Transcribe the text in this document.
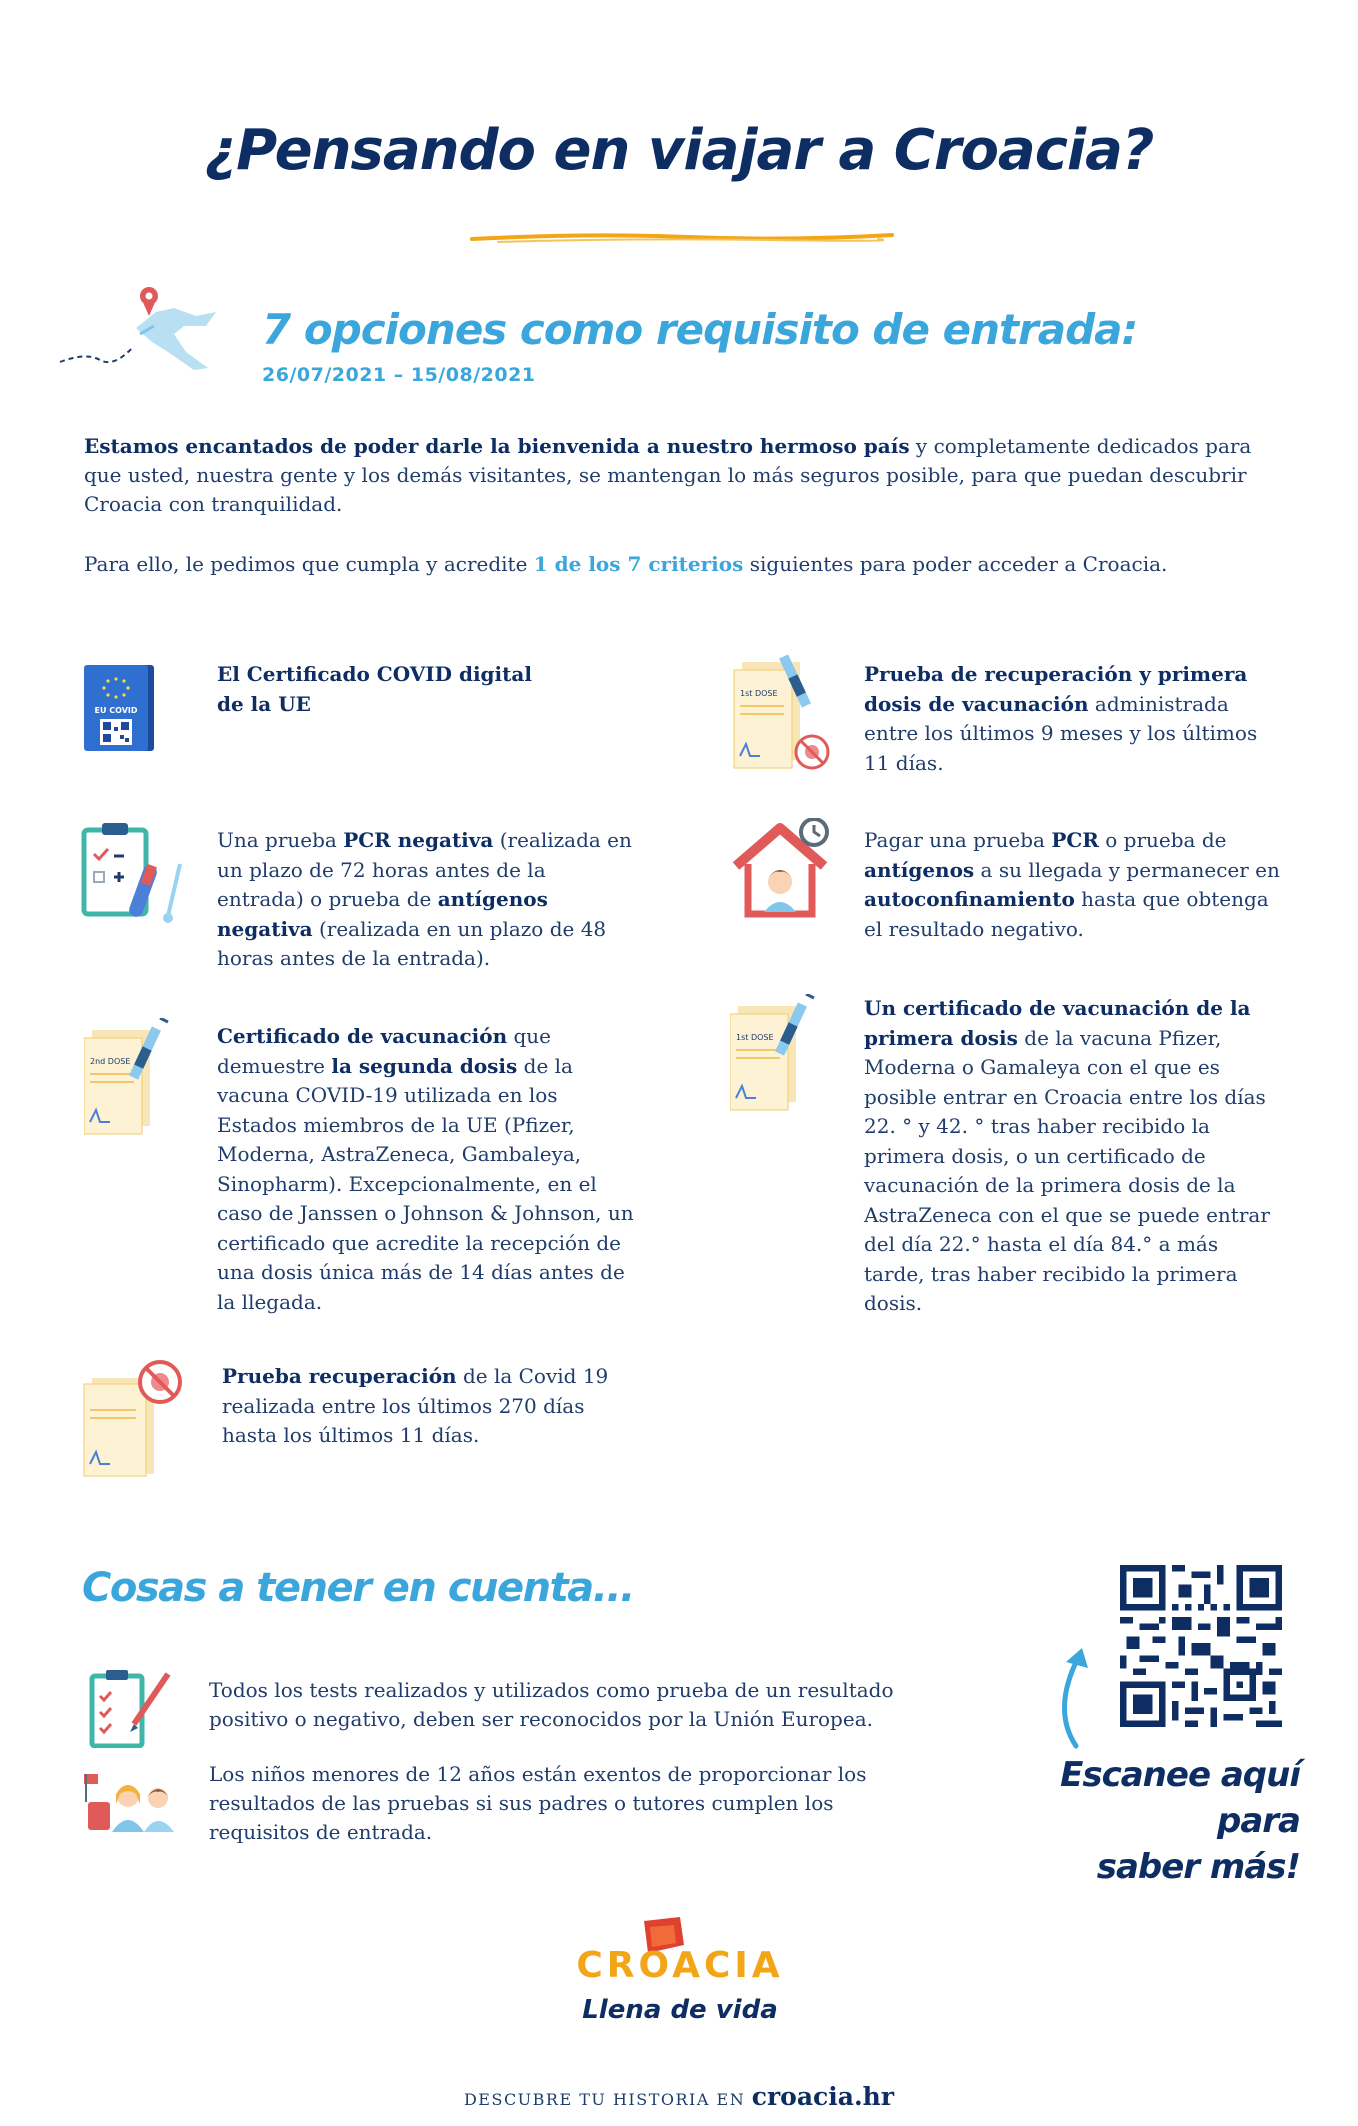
¿Pensando en viajar a Croacia?
7 opciones como requisito de entrada:
26/07/2021 – 15/08/2021
Estamos encantados de poder darle la bienvenida a nuestro hermoso país y completamente dedicados para que usted, nuestra gente y los demás visitantes, se mantengan lo más seguros posible, para que puedan descubrir Croacia con tranquilidad.
Para ello, le pedimos que cumpla y acredite 1 de los 7 criterios siguientes para poder acceder a Croacia.
EU COVID
El Certificado COVID digital de la UE
Una prueba PCR negativa (realizada en un plazo de 72 horas antes de la entrada) o prueba de antígenos negativa (realizada en un plazo de 48 horas antes de la entrada).
2nd DOSE
Certificado de vacunación que demuestre la segunda dosis de la vacuna COVID-19 utilizada en los Estados miembros de la UE (Pfizer, Moderna, AstraZeneca, Gambaleya, Sinopharm). Excepcionalmente, en el caso de Janssen o Johnson & Johnson, un certificado que acredite la recepción de una dosis única más de 14 días antes de la llegada.
Prueba recuperación de la Covid 19 realizada entre los últimos 270 días hasta los últimos 11 días.
1st DOSE
Prueba de recuperación y primera dosis de vacunación administrada entre los últimos 9 meses y los últimos 11 días.
Pagar una prueba PCR o prueba de antígenos a su llegada y permanecer en autoconfinamiento hasta que obtenga el resultado negativo.
1st DOSE
Un certificado de vacunación de la primera dosis de la vacuna Pfizer, Moderna o Gamaleya con el que es posible entrar en Croacia entre los días 22. ° y 42. ° tras haber recibido la primera dosis, o un certificado de vacunación de la primera dosis de la AstraZeneca con el que se puede entrar del día 22.° hasta el día 84.° a más tarde, tras haber recibido la primera dosis.
Cosas a tener en cuenta...
Todos los tests realizados y utilizados como prueba de un resultado positivo o negativo, deben ser reconocidos por la Unión Europea.
Los niños menores de 12 años están exentos de proporcionar los resultados de las pruebas si sus padres o tutores cumplen los requisitos de entrada.
Escanee aquí para
saber más!
CROACIA
Llena de vida
DESCUBRE TU HISTORIA EN croacia.hr
